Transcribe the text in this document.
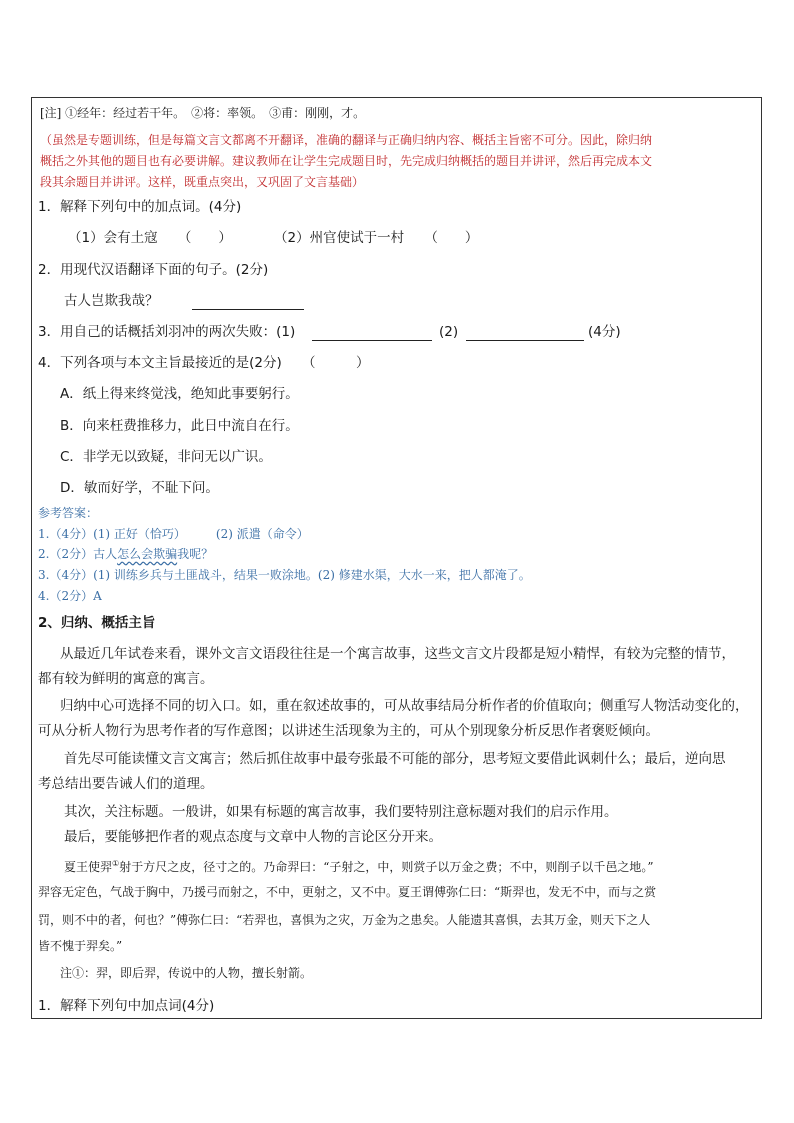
[注] ①经年：经过若干年。　②将：率领。　③甫：刚刚，才。
（虽然是专题训练，但是每篇文言文都离不开翻译，准确的翻译与正确归纳内容、概括主旨密不可分。因此，除归纳
概括之外其他的题目也有必要讲解。建议教师在让学生完成题目时，先完成归纳概括的题目并讲评，然后再完成本文
段其余题目并讲评。这样，既重点突出，又巩固了文言基础）
1．解释下列句中的加点词。(4分)
（1）会有土寇　　（　　）	（2）州官使试于一村　　（　　）
2．用现代汉语翻译下面的句子。(2分)
古人岂欺我哉？
3．用自己的话概括刘羽冲的两次失败：(1)	(2)	(4分)
4．下列各项与本文主旨最接近的是(2分)　　（　　　）
A．纸上得来终觉浅，绝知此事要躬行。
B．向来枉费推移力，此日中流自在行。
C．非学无以致疑，非问无以广识。
D．敏而好学，不耻下问。
参考答案：
1.（4分）(1) 正好（恰巧）　　　(2) 派遣（命令）
2.（2分）古人怎么会欺骗我呢？
3.（4分）(1) 训练乡兵与土匪战斗，结果一败涂地。(2) 修建水渠，大水一来，把人都淹了。
4.（2分）A
2、归纳、概括主旨
从最近几年试卷来看，课外文言文语段往往是一个寓言故事，这些文言文片段都是短小精悍，有较为完整的情节，
都有较为鲜明的寓意的寓言。
归纳中心可选择不同的切入口。如，重在叙述故事的，可从故事结局分析作者的价值取向；侧重写人物活动变化的，
可从分析人物行为思考作者的写作意图；以讲述生活现象为主的，可从个别现象分析反思作者褒贬倾向。
首先尽可能读懂文言文寓言；然后抓住故事中最夸张最不可能的部分，思考短文要借此讽刺什么；最后，逆向思
考总结出要告诫人们的道理。
其次，关注标题。一般讲，如果有标题的寓言故事，我们要特别注意标题对我们的启示作用。
最后，要能够把作者的观点态度与文章中人物的言论区分开来。
夏王使羿①射于方尺之皮，径寸之的。乃命羿曰：“子射之，中，则赏子以万金之费；不中，则削子以千邑之地。”
羿容无定色，气战于胸中，乃援弓而射之，不中，更射之，又不中。夏王谓傅弥仁曰：“斯羿也，发无不中，而与之赏
罚，则不中的者，何也？”傅弥仁曰：“若羿也，喜惧为之灾，万金为之患矣。人能遗其喜惧，去其万金，则天下之人
皆不愧于羿矣。”
注①：羿，即后羿，传说中的人物，擅长射箭。
1．解释下列句中加点词(4分)
